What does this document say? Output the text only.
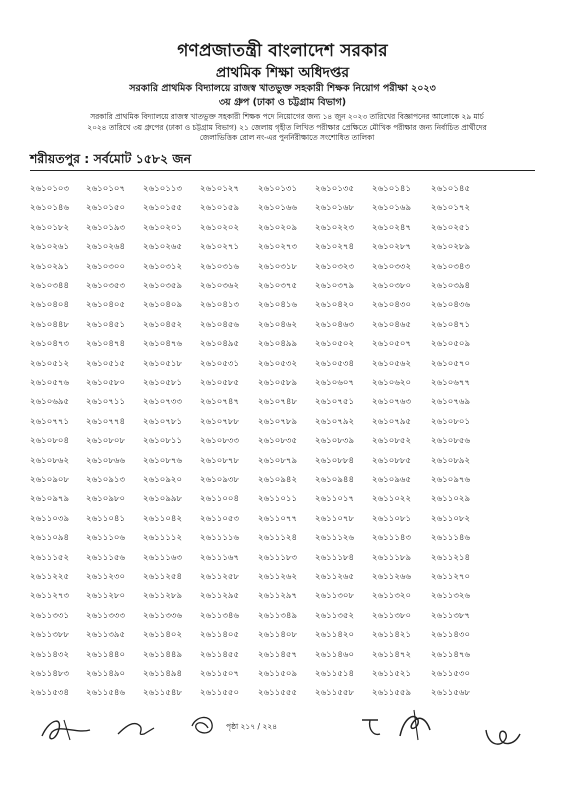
গণপ্রজাতন্ত্রী বাংলাদেশ সরকার
প্রাথমিক শিক্ষা অধিদপ্তর
সরকারি প্রাথমিক বিদ্যালয়ে রাজস্ব খাতভুক্ত সহকারী শিক্ষক নিয়োগ পরীক্ষা ২০২৩
৩য় গ্রুপ (ঢাকা ও চট্টগ্রাম বিভাগ)
সরকারি প্রাথমিক বিদ্যালয়ে রাজস্ব খাতভুক্ত সহকারী শিক্ষক পদে নিয়োগের জন্য ১৪ জুন ২০২৩ তারিখের বিজ্ঞাপনের আলোকে ২৯ মার্চ
২০২৪ তারিখে ৩য় গ্রুপের (ঢাকা ও চট্টগ্রাম বিভাগ) ২১ জেলায় গৃহীত লিখিত পরীক্ষার প্রেক্ষিতে মৌখিক পরীক্ষার জন্য নির্বাচিত প্রার্থীদের
জেলাভিত্তিক রোল নং-এর পুনর্নিরীক্ষাতে সংশোধিত তালিকা
শরীয়তপুর : সর্বমোট ১৫৮২ জন
২৬১০১০৩	২৬১০১০৭	২৬১০১১৩	২৬১০১২৭	২৬১০১৩১	২৬১০১৩৫	২৬১০১৪১	২৬১০১৪৫
২৬১০১৪৬	২৬১০১৫০	২৬১০১৫৫	২৬১০১৫৯	২৬১০১৬৬	২৬১০১৬৮	২৬১০১৬৯	২৬১০১৭২
২৬১০১৮২	২৬১০১৯৩	২৬১০২০১	২৬১০২০২	২৬১০২০৯	২৬১০২২৩	২৬১০২৪৭	২৬১০২৫১
২৬১০২৬১	২৬১০২৬৪	২৬১০২৬৫	২৬১০২৭১	২৬১০২৭৩	২৬১০২৭৪	২৬১০২৮৭	২৬১০২৮৯
২৬১০২৯১	২৬১০৩০০	২৬১০৩১২	২৬১০৩১৬	২৬১০৩১৮	২৬১০৩২৩	২৬১০৩৩২	২৬১০৩৪৩
২৬১০৩৪৪	২৬১০৩৫৩	২৬১০৩৫৯	২৬১০৩৬২	২৬১০৩৭৫	২৬১০৩৭৯	২৬১০৩৮০	২৬১০৩৯৪
২৬১০৪০৪	২৬১০৪০৫	২৬১০৪০৯	২৬১০৪১৩	২৬১০৪১৬	২৬১০৪২০	২৬১০৪৩০	২৬১০৪৩৬
২৬১০৪৪৮	২৬১০৪৫১	২৬১০৪৫২	২৬১০৪৫৬	২৬১০৪৬২	২৬১০৪৬৩	২৬১০৪৬৫	২৬১০৪৭১
২৬১০৪৭৩	২৬১০৪৭৪	২৬১০৪৭৬	২৬১০৪৯৫	২৬১০৪৯৯	২৬১০৫০২	২৬১০৫০৭	২৬১০৫০৯
২৬১০৫১২	২৬১০৫১৫	২৬১০৫১৮	২৬১০৫৩১	২৬১০৫৩২	২৬১০৫৩৪	২৬১০৫৬২	২৬১০৫৭০
২৬১০৫৭৬	২৬১০৫৮০	২৬১০৫৮১	২৬১০৫৮৫	২৬১০৫৮৯	২৬১০৬০৭	২৬১০৬২০	২৬১০৬৭৭
২৬১০৬৯৫	২৬১০৭১১	২৬১০৭৩৩	২৬১০৭৪৭	২৬১০৭৪৮	২৬১০৭৫১	২৬১০৭৬৩	২৬১০৭৬৯
২৬১০৭৭১	২৬১০৭৭৪	২৬১০৭৮১	২৬১০৭৮৮	২৬১০৭৮৯	২৬১০৭৯২	২৬১০৭৯৫	২৬১০৮০১
২৬১০৮০৪	২৬১০৮০৮	২৬১০৮১১	২৬১০৮৩৩	২৬১০৮৩৫	২৬১০৮৩৯	২৬১০৮৫২	২৬১০৮৫৬
২৬১০৮৬২	২৬১০৮৬৬	২৬১০৮৭৬	২৬১০৮৭৮	২৬১০৮৭৯	২৬১০৮৮৪	২৬১০৮৮৫	২৬১০৮৯২
২৬১০৯০৮	২৬১০৯১৩	২৬১০৯২০	২৬১০৯৩৮	২৬১০৯৪২	২৬১০৯৪৪	২৬১০৯৬৫	২৬১০৯৭৬
২৬১০৯৭৯	২৬১০৯৮০	২৬১০৯৯৮	২৬১১০০৪	২৬১১০১১	২৬১১০১৭	২৬১১০২২	২৬১১০২৯
২৬১১০৩৯	২৬১১০৪১	২৬১১০৪২	২৬১১০৫৩	২৬১১০৭৭	২৬১১০৭৮	২৬১১০৮১	২৬১১০৮২
২৬১১০৯৪	২৬১১১০৬	২৬১১১১২	২৬১১১১৬	২৬১১১২৪	২৬১১১২৬	২৬১১১৪৩	২৬১১১৪৬
২৬১১১৫২	২৬১১১৫৬	২৬১১১৬৩	২৬১১১৬৭	২৬১১১৮৩	২৬১১১৮৪	২৬১১১৮৯	২৬১১২১৪
২৬১১২২৫	২৬১১২৩০	২৬১১২৫৪	২৬১১২৫৮	২৬১১২৬২	২৬১১২৬৫	২৬১১২৬৬	২৬১১২৭০
২৬১১২৭৩	২৬১১২৮০	২৬১১২৮৯	২৬১১২৯৫	২৬১১২৯৭	২৬১১৩০৮	২৬১১৩২০	২৬১১৩২৬
২৬১১৩৩১	২৬১১৩৩৩	২৬১১৩৩৬	২৬১১৩৪৬	২৬১১৩৪৯	২৬১১৩৫২	২৬১১৩৮০	২৬১১৩৮৭
২৬১১৩৮৮	২৬১১৩৯৫	২৬১১৪০২	২৬১১৪০৫	২৬১১৪০৮	২৬১১৪২০	২৬১১৪২১	২৬১১৪৩০
২৬১১৪৩২	২৬১১৪৪০	২৬১১৪৪৯	২৬১১৪৫৫	২৬১১৪৫৭	২৬১১৪৬০	২৬১১৪৭২	২৬১১৪৭৬
২৬১১৪৮৩	২৬১১৪৯০	২৬১১৪৯৪	২৬১১৫০৭	২৬১১৫০৯	২৬১১৫১৪	২৬১১৫২১	২৬১১৫৩০
২৬১১৫৩৪	২৬১১৫৪৬	২৬১১৫৪৮	২৬১১৫৫০	২৬১১৫৫৫	২৬১১৫৫৮	২৬১১৫৫৯	২৬১১৫৬৮
পৃষ্ঠা ২১৭ / ২২৪
